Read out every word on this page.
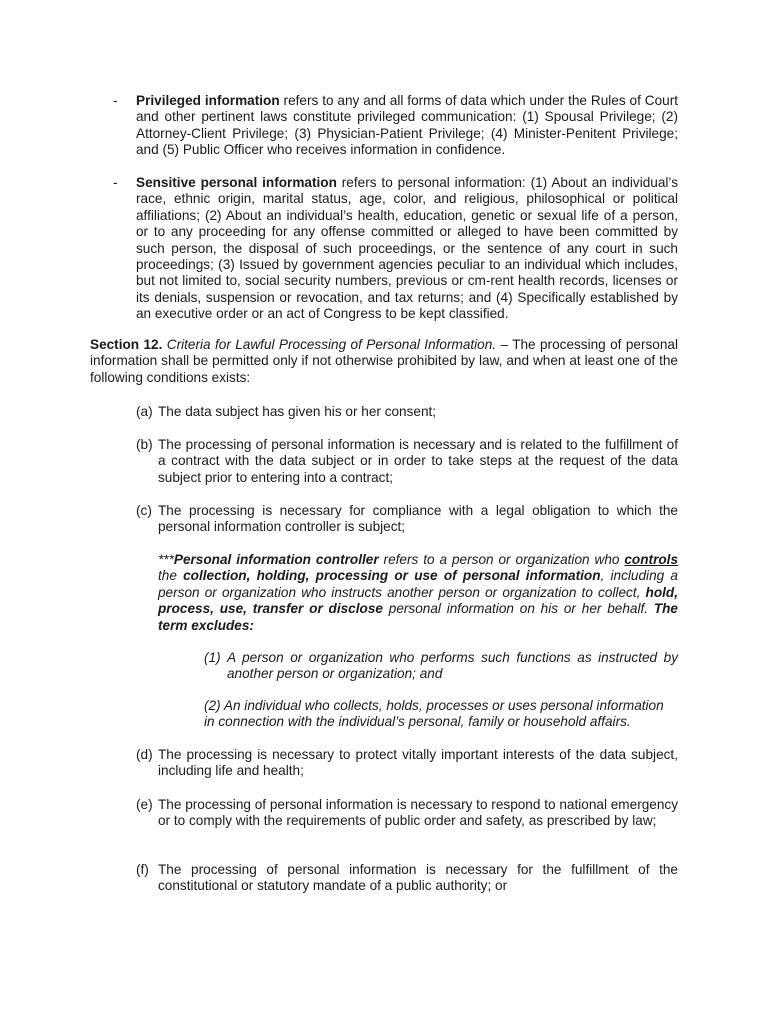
- Privileged information refers to any and all forms of data which under the Rules of Court and other pertinent laws constitute privileged communication: (1) Spousal Privilege; (2) Attorney-Client Privilege; (3) Physician-Patient Privilege; (4) Minister-Penitent Privilege; and (5) Public Officer who receives information in confidence.

- Sensitive personal information refers to personal information: (1) About an individual’s race, ethnic origin, marital status, age, color, and religious, philosophical or political affiliations; (2) About an individual’s health, education, genetic or sexual life of a person, or to any proceeding for any offense committed or alleged to have been committed by such person, the disposal of such proceedings, or the sentence of any court in such proceedings; (3) Issued by government agencies peculiar to an individual which includes, but not limited to, social security numbers, previous or cm-rent health records, licenses or its denials, suspension or revocation, and tax returns; and (4) Specifically established by an executive order or an act of Congress to be kept classified.

Section 12. Criteria for Lawful Processing of Personal Information. – The processing of personal information shall be permitted only if not otherwise prohibited by law, and when at least one of the following conditions exists:

(a) The data subject has given his or her consent;
(b) The processing of personal information is necessary and is related to the fulfillment of a contract with the data subject or in order to take steps at the request of the data subject prior to entering into a contract;
(c) The processing is necessary for compliance with a legal obligation to which the personal information controller is subject;

***Personal information controller refers to a person or organization who controls the collection, holding, processing or use of personal information, including a person or organization who instructs another person or organization to collect, hold, process, use, transfer or disclose personal information on his or her behalf. The term excludes:

(1) A person or organization who performs such functions as instructed by another person or organization; and
(2) An individual who collects, holds, processes or uses personal information in connection with the individual’s personal, family or household affairs.
(d) The processing is necessary to protect vitally important interests of the data subject, including life and health;
(e) The processing of personal information is necessary to respond to national emergency or to comply with the requirements of public order and safety, as prescribed by law;
(f) The processing of personal information is necessary for the fulfillment of the constitutional or statutory mandate of a public authority; or
